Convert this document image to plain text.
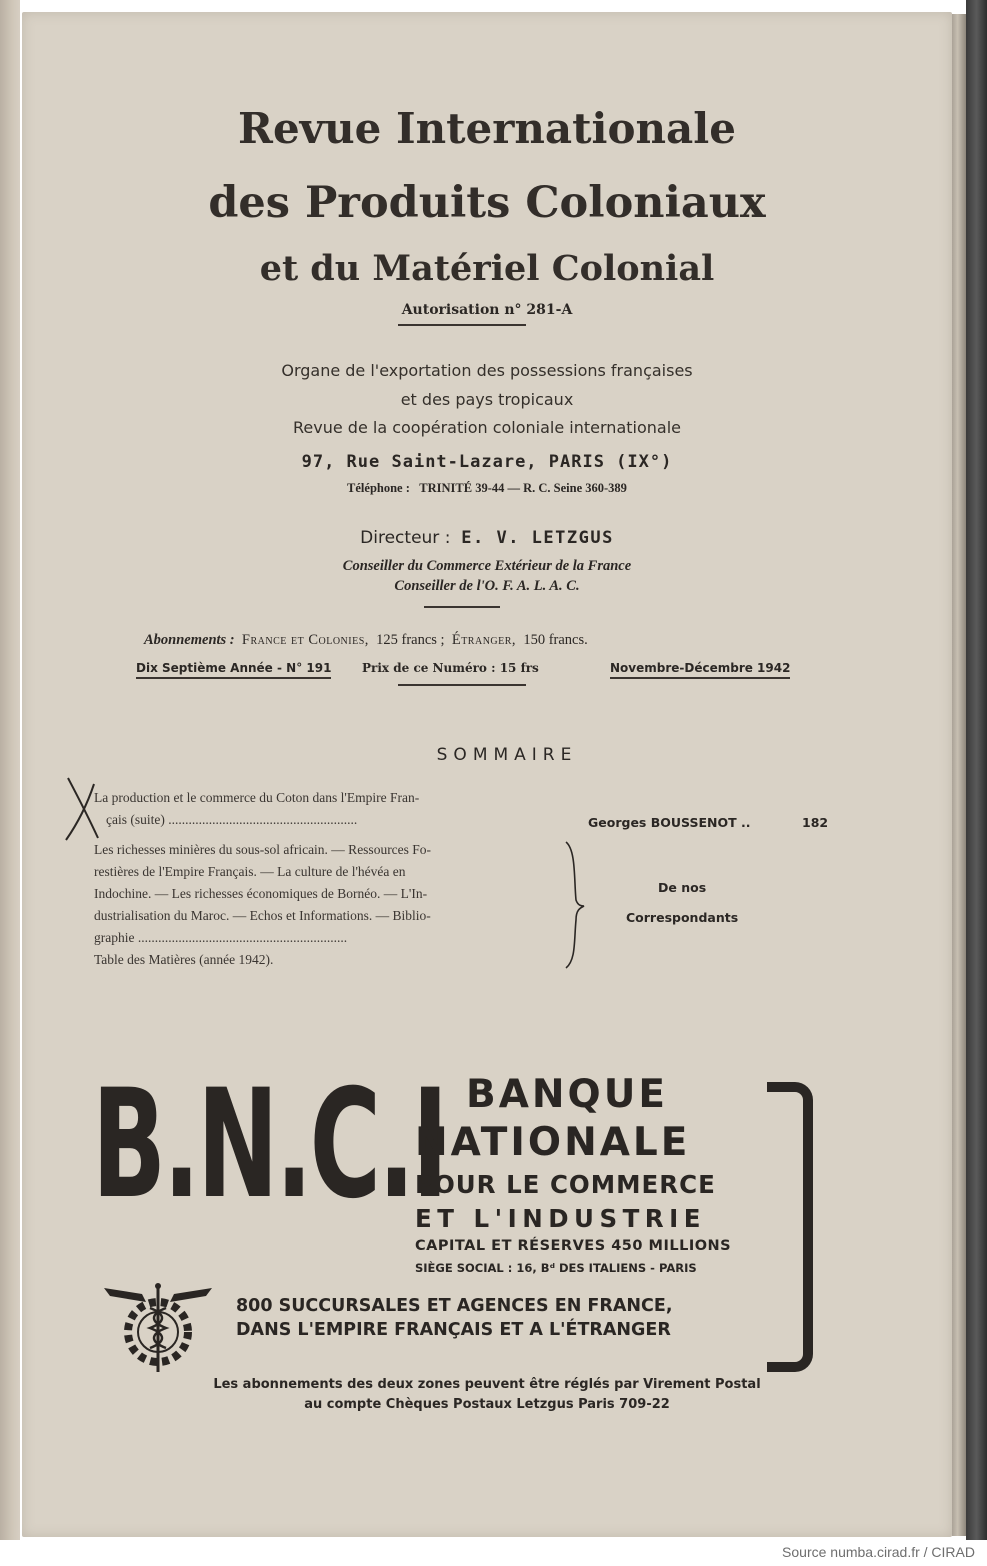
Revue Internationale
des Produits Coloniaux
et du Matériel Colonial
Autorisation n° 281-A
Organe de l'exportation des possessions françaises
et des pays tropicaux
Revue de la coopération coloniale internationale
97, Rue Saint-Lazare, PARIS (IX°)
Téléphone : TRINITÉ 39-44 — R. C. Seine 360-389
Directeur : E. V. LETZGUS
Conseiller du Commerce Extérieur de la France
Conseiller de l'O. F. A. L. A. C.
Abonnements : France et Colonies, 125 francs ; Étranger, 150 francs.
Dix Septième Année - N° 191	Prix de ce Numéro : 15 frs	Novembre-Décembre 1942
SOMMAIRE
La production et le commerce du Coton dans l'Empire Fran-
çais (suite) ........................................................	Georges BOUSSENOT ..	182
Les richesses minières du sous-sol africain. — Ressources Fo-
restières de l'Empire Français. — La culture de l'hévéa en
Indochine. — Les richesses économiques de Bornéo. — L'In-
dustrialisation du Maroc. — Echos et Informations. — Biblio-
graphie ..............................................................
Table des Matières (année 1942).
De nos
Correspondants
B.N.C.I BANQUE
NATIONALE
POUR LE COMMERCE
ET L'INDUSTRIE
CAPITAL ET RÉSERVES 450 MILLIONS
SIÈGE SOCIAL : 16, Bᵈ DES ITALIENS - PARIS
800 SUCCURSALES ET AGENCES EN FRANCE,
DANS L'EMPIRE FRANÇAIS ET A L'ÉTRANGER
Les abonnements des deux zones peuvent être réglés par Virement Postal
au compte Chèques Postaux Letzgus Paris 709-22
Source numba.cirad.fr / CIRAD
